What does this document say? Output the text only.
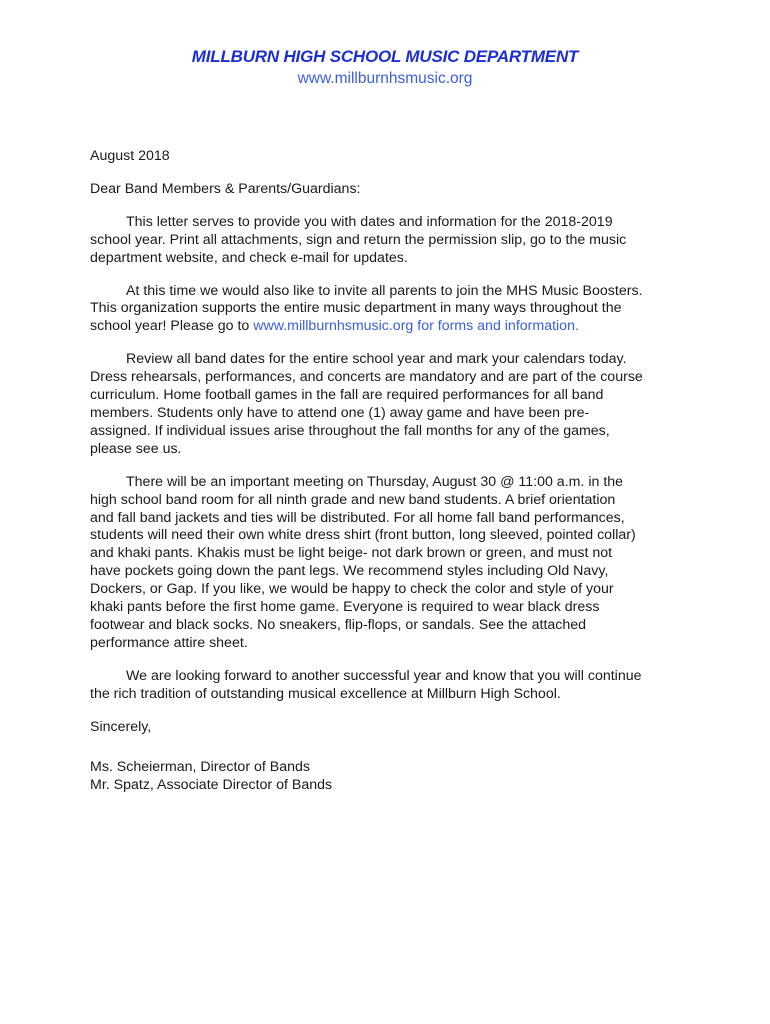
MILLBURN HIGH SCHOOL MUSIC DEPARTMENT
www.millburnhsmusic.org

August 2018

Dear Band Members & Parents/Guardians:

This letter serves to provide you with dates and information for the 2018-2019
school year. Print all attachments, sign and return the permission slip, go to the music
department website, and check e-mail for updates.

At this time we would also like to invite all parents to join the MHS Music Boosters.
This organization supports the entire music department in many ways throughout the
school year! Please go to www.millburnhsmusic.org for forms and information.

Review all band dates for the entire school year and mark your calendars today.
Dress rehearsals, performances, and concerts are mandatory and are part of the course
curriculum. Home football games in the fall are required performances for all band
members. Students only have to attend one (1) away game and have been pre-
assigned. If individual issues arise throughout the fall months for any of the games,
please see us.

There will be an important meeting on Thursday, August 30 @ 11:00 a.m. in the
high school band room for all ninth grade and new band students. A brief orientation
and fall band jackets and ties will be distributed. For all home fall band performances,
students will need their own white dress shirt (front button, long sleeved, pointed collar)
and khaki pants. Khakis must be light beige- not dark brown or green, and must not
have pockets going down the pant legs. We recommend styles including Old Navy,
Dockers, or Gap. If you like, we would be happy to check the color and style of your
khaki pants before the first home game. Everyone is required to wear black dress
footwear and black socks. No sneakers, flip-flops, or sandals. See the attached
performance attire sheet.

We are looking forward to another successful year and know that you will continue
the rich tradition of outstanding musical excellence at Millburn High School.

Sincerely,

Ms. Scheierman, Director of Bands

Mr. Spatz, Associate Director of Bands
